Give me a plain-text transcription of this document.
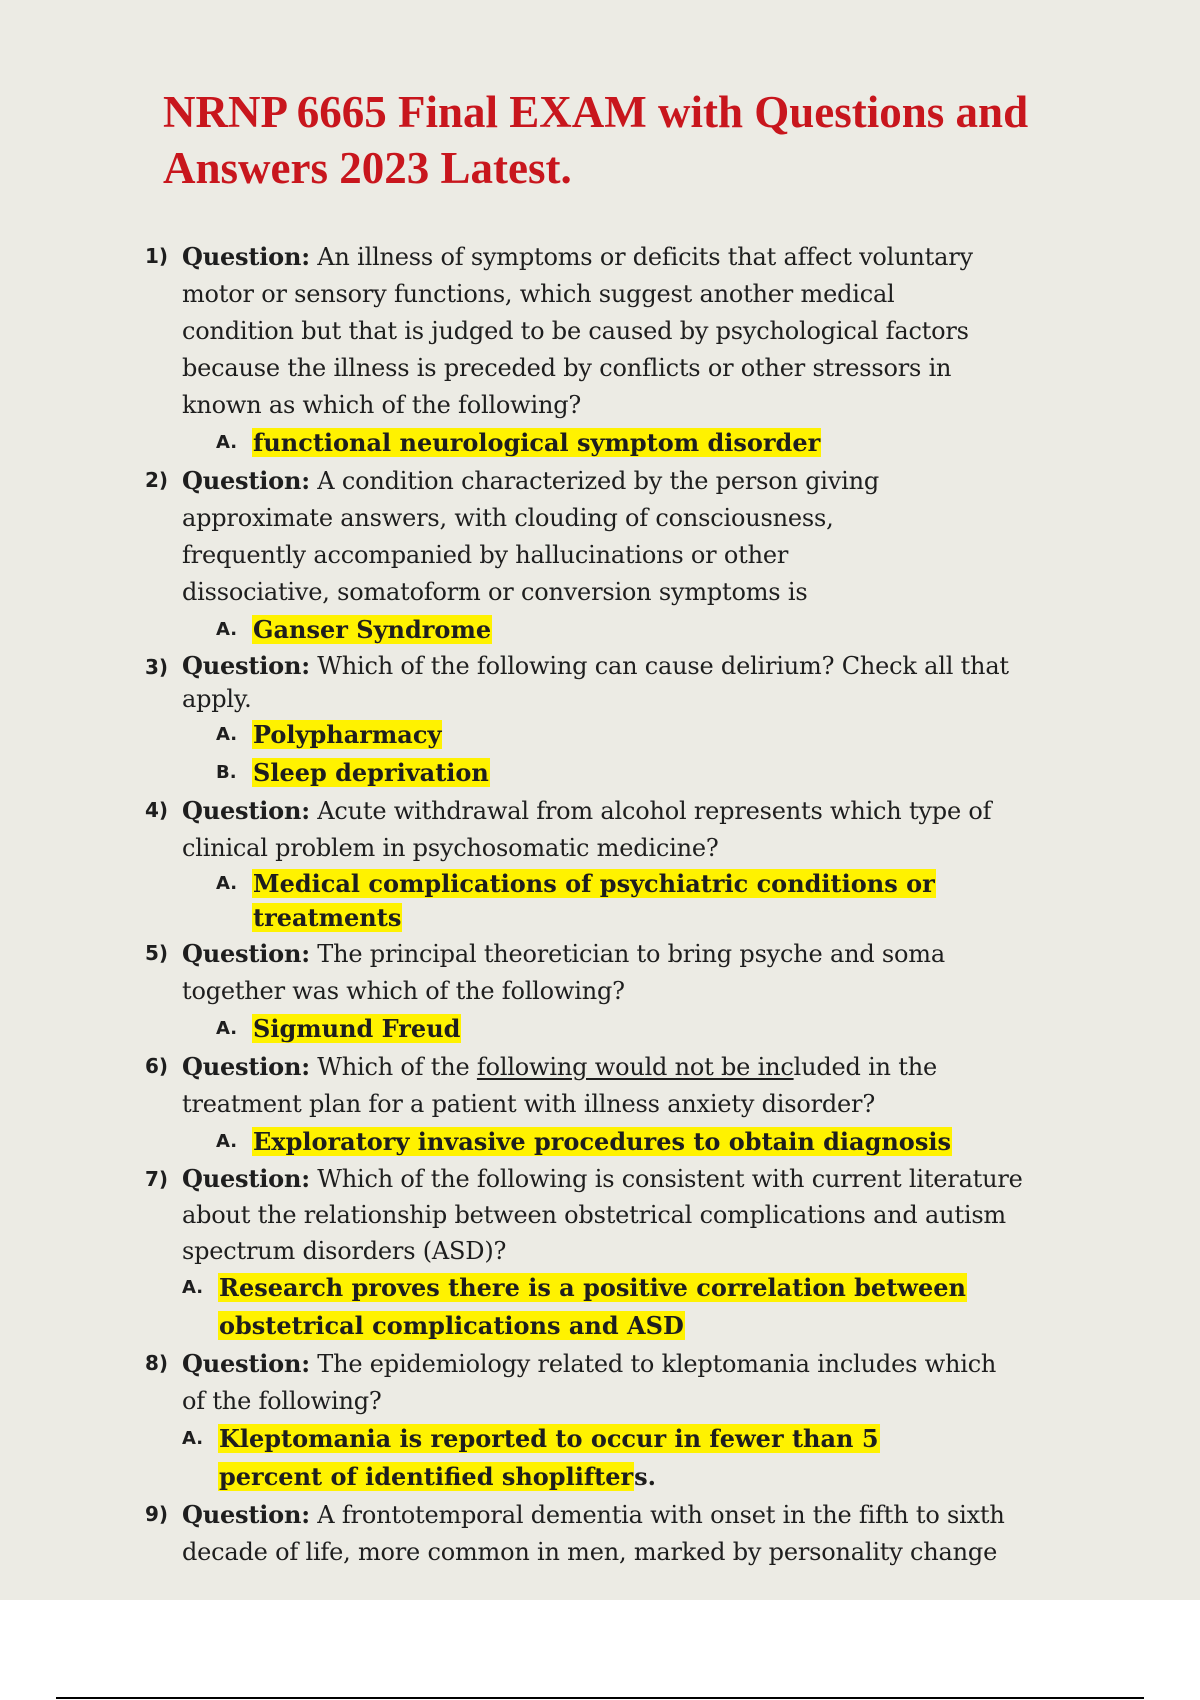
NRNP 6665 Final EXAM with Questions and Answers 2023 Latest.
1) Question: An illness of symptoms or deficits that affect voluntary motor or sensory functions, which suggest another medical condition but that is judged to be caused by psychological factors because the illness is preceded by conflicts or other stressors in known as which of the following?

A. functional neurological symptom disorder
2) Question: A condition characterized by the person giving approximate answers, with clouding of consciousness, frequently accompanied by hallucinations or other dissociative, somatoform or conversion symptoms is

A. Ganser Syndrome
3) Question: Which of the following can cause delirium? Check all that apply.

A. Polypharmacy
B. Sleep deprivation
4) Question: Acute withdrawal from alcohol represents which type of clinical problem in psychosomatic medicine?

A. Medical complications of psychiatric conditions or treatments
5) Question: The principal theoretician to bring psyche and soma together was which of the following?

A. Sigmund Freud
6) Question: Which of the following would not be included in the treatment plan for a patient with illness anxiety disorder?

A. Exploratory invasive procedures to obtain diagnosis
7) Question: Which of the following is consistent with current literature about the relationship between obstetrical complications and autism spectrum disorders (ASD)?

A. Research proves there is a positive correlation between obstetrical complications and ASD
8) Question: The epidemiology related to kleptomania includes which of the following?

A. Kleptomania is reported to occur in fewer than 5 percent of identified shoplifters.
9) Question: A frontotemporal dementia with onset in the fifth to sixth decade of life, more common in men, marked by personality change
